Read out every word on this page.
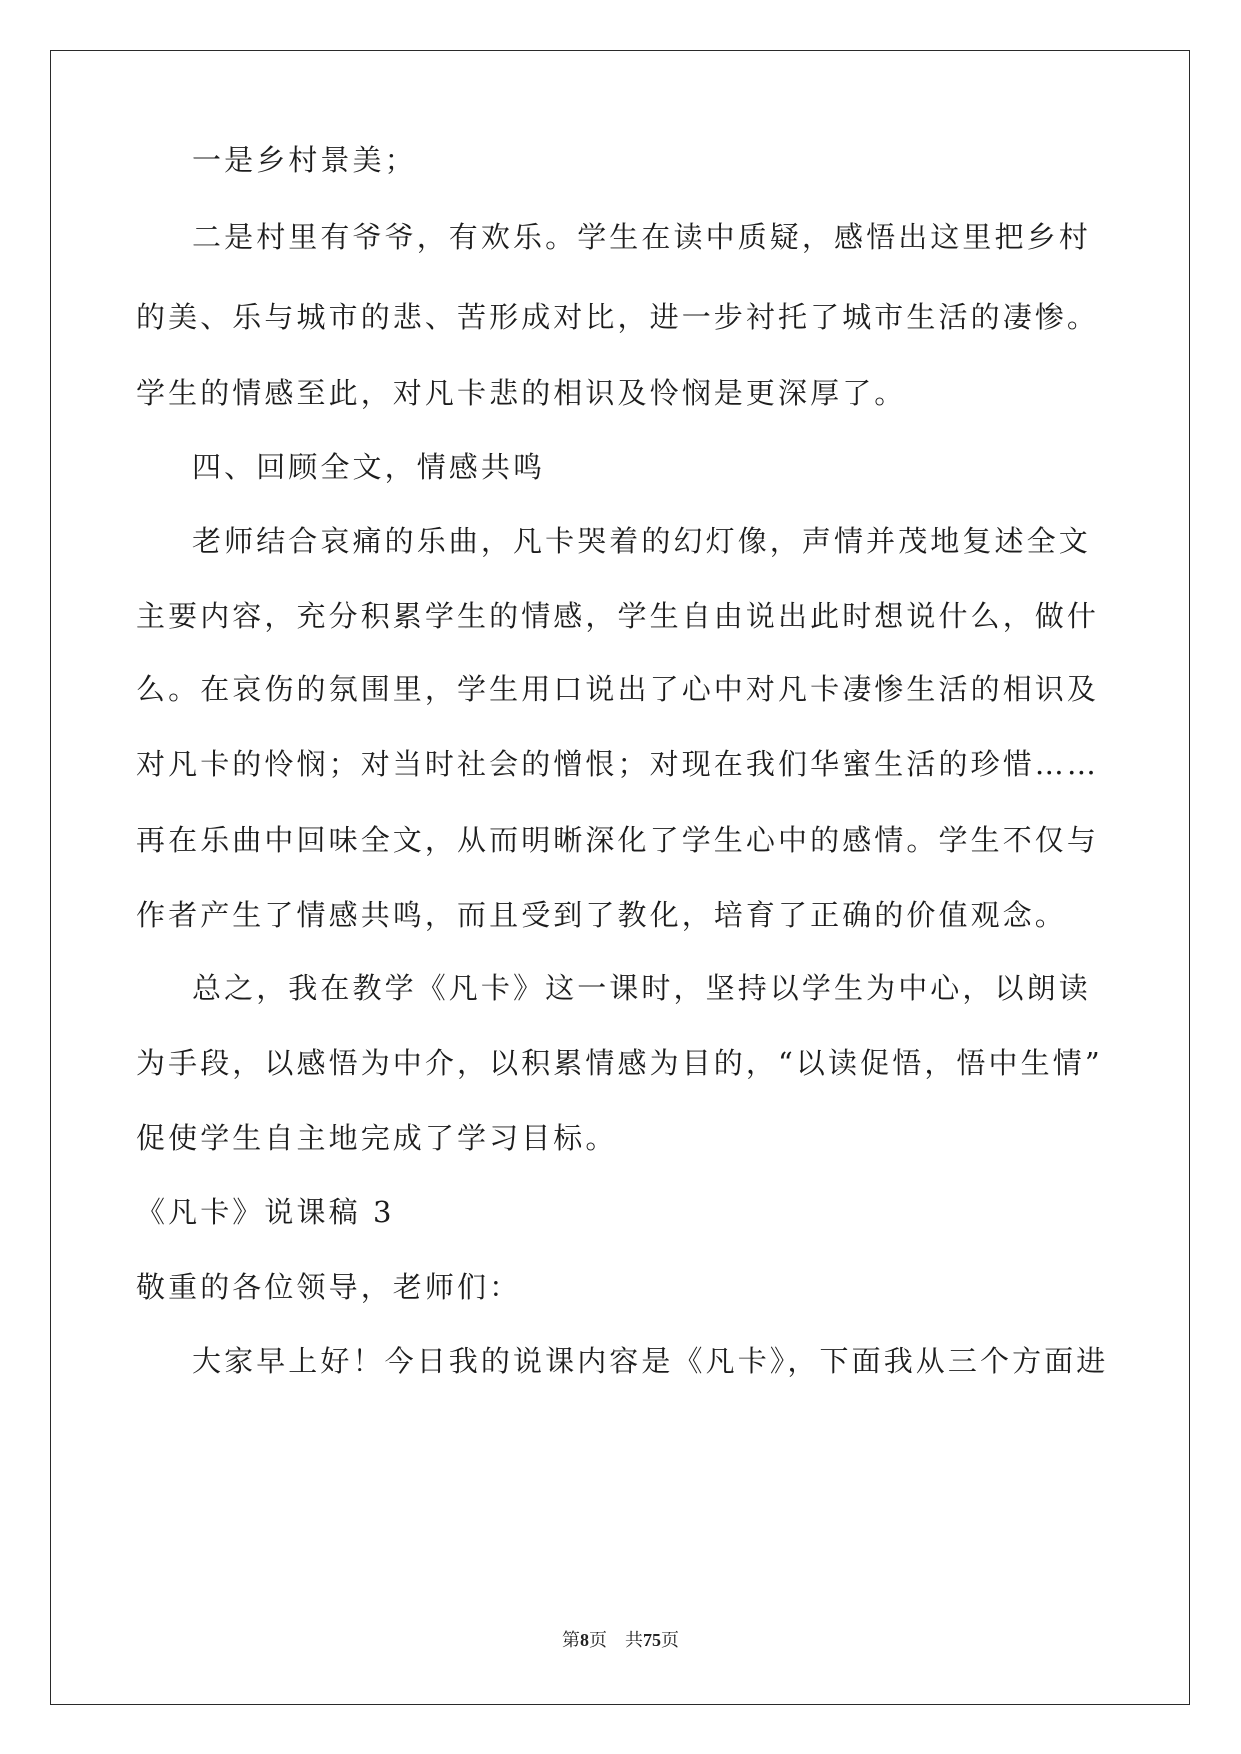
一是乡村景美；
二是村里有爷爷，有欢乐。学生在读中质疑，感悟出这里把乡村
的美、乐与城市的悲、苦形成对比，进一步衬托了城市生活的凄惨。
学生的情感至此，对凡卡悲的相识及怜悯是更深厚了。
四、回顾全文，情感共鸣
老师结合哀痛的乐曲，凡卡哭着的幻灯像，声情并茂地复述全文
主要内容，充分积累学生的情感，学生自由说出此时想说什么，做什
么。在哀伤的氛围里，学生用口说出了心中对凡卡凄惨生活的相识及
对凡卡的怜悯；对当时社会的憎恨；对现在我们华蜜生活的珍惜……
再在乐曲中回味全文，从而明晰深化了学生心中的感情。学生不仅与
作者产生了情感共鸣，而且受到了教化，培育了正确的价值观念。
总之，我在教学《凡卡》这一课时，坚持以学生为中心，以朗读
为手段，以感悟为中介，以积累情感为目的，“以读促悟，悟中生情”
促使学生自主地完成了学习目标。
《凡卡》说课稿 3
敬重的各位领导，老师们：
大家早上好！今日我的说课内容是《凡卡》，下面我从三个方面进
第8页 共75页
